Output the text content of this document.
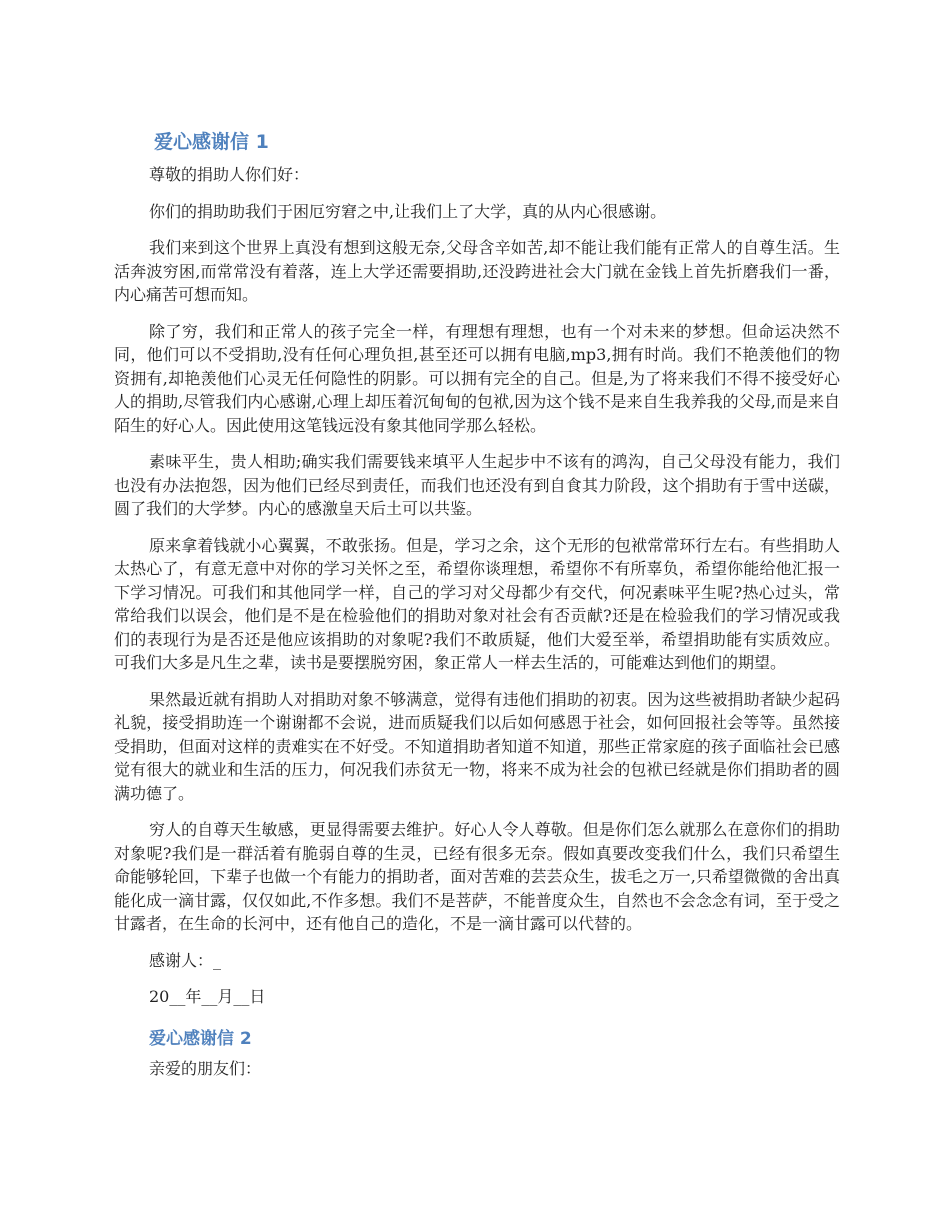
爱心感谢信 1

尊敬的捐助人你们好：

你们的捐助助我们于困厄穷窘之中,让我们上了大学，真的从内心很感谢。

我们来到这个世界上真没有想到这般无奈,父母含辛如苦,却不能让我们能有正常人的自尊生活。生活奔波穷困,而常常没有着落，连上大学还需要捐助,还没跨进社会大门就在金钱上首先折磨我们一番，内心痛苦可想而知。

除了穷，我们和正常人的孩子完全一样，有理想有理想，也有一个对未来的梦想。但命运决然不同，他们可以不受捐助,没有任何心理负担,甚至还可以拥有电脑,mp3,拥有时尚。我们不艳羡他们的物资拥有,却艳羡他们心灵无任何隐性的阴影。可以拥有完全的自己。但是,为了将来我们不得不接受好心人的捐助,尽管我们内心感谢,心理上却压着沉甸甸的包袱,因为这个钱不是来自生我养我的父母,而是来自陌生的好心人。因此使用这笔钱远没有象其他同学那么轻松。

素味平生，贵人相助;确实我们需要钱来填平人生起步中不该有的鸿沟，自己父母没有能力，我们也没有办法抱怨，因为他们已经尽到责任，而我们也还没有到自食其力阶段，这个捐助有于雪中送碳，圆了我们的大学梦。内心的感激皇天后土可以共鉴。

原来拿着钱就小心翼翼，不敢张扬。但是，学习之余，这个无形的包袱常常环行左右。有些捐助人太热心了，有意无意中对你的学习关怀之至，希望你谈理想，希望你不有所辜负，希望你能给他汇报一下学习情况。可我们和其他同学一样，自己的学习对父母都少有交代，何况素味平生呢?热心过头，常常给我们以误会，他们是不是在检验他们的捐助对象对社会有否贡献?还是在检验我们的学习情况或我们的表现行为是否还是他应该捐助的对象呢?我们不敢质疑，他们大爱至举，希望捐助能有实质效应。可我们大多是凡生之辈，读书是要摆脱穷困，象正常人一样去生活的，可能难达到他们的期望。

果然最近就有捐助人对捐助对象不够满意，觉得有违他们捐助的初衷。因为这些被捐助者缺少起码礼貌，接受捐助连一个谢谢都不会说，进而质疑我们以后如何感恩于社会，如何回报社会等等。虽然接受捐助，但面对这样的责难实在不好受。不知道捐助者知道不知道，那些正常家庭的孩子面临社会已感觉有很大的就业和生活的压力，何况我们赤贫无一物，将来不成为社会的包袱已经就是你们捐助者的圆满功德了。

穷人的自尊天生敏感，更显得需要去维护。好心人令人尊敬。但是你们怎么就那么在意你们的捐助对象呢?我们是一群活着有脆弱自尊的生灵，已经有很多无奈。假如真要改变我们什么，我们只希望生命能够轮回，下辈子也做一个有能力的捐助者，面对苦难的芸芸众生，拔毛之万一,只希望微微的舍出真能化成一滴甘露，仅仅如此,不作多想。我们不是菩萨，不能普度众生，自然也不会念念有词，至于受之甘露者，在生命的长河中，还有他自己的造化，不是一滴甘露可以代替的。

感谢人：_

20__年__月__日

爱心感谢信 2

亲爱的朋友们：
